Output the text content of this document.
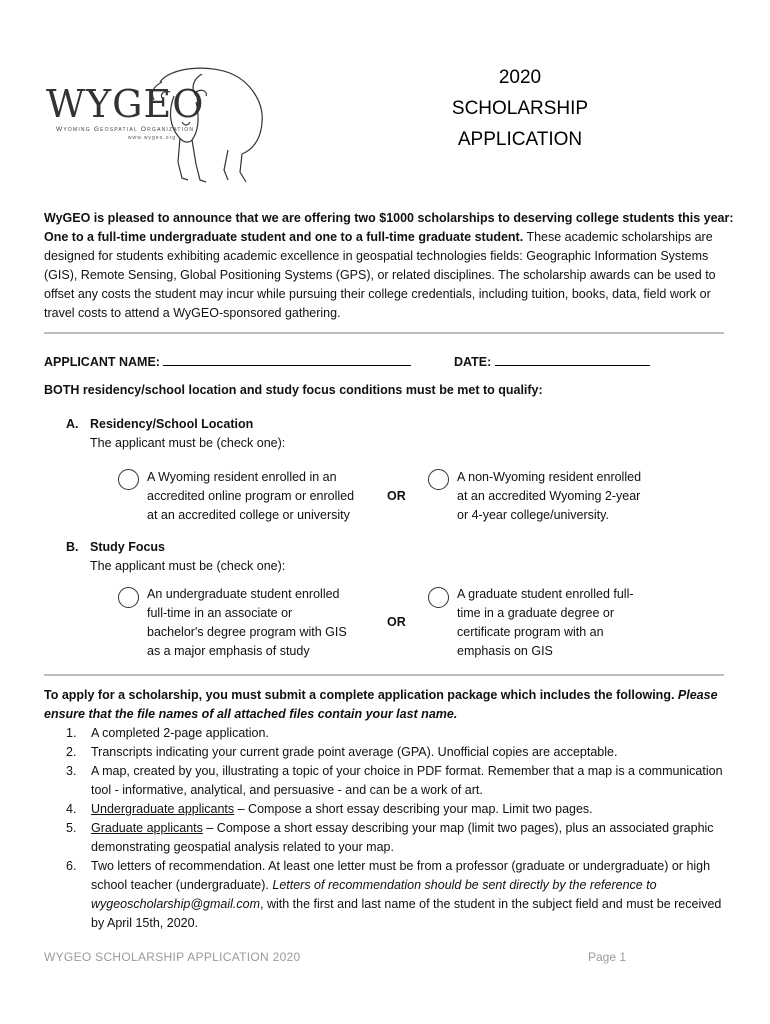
WYGEO
Wyoming Geospatial Organization
www.wygeo.org
2020
SCHOLARSHIP
APPLICATION
WyGEO is pleased to announce that we are offering two $1000 scholarships to deserving college students this year: One to a full-time undergraduate student and one to a full-time graduate student. These academic scholarships are designed for students exhibiting academic excellence in geospatial technologies fields: Geographic Information Systems (GIS), Remote Sensing, Global Positioning Systems (GPS), or related disciplines. The scholarship awards can be used to offset any costs the student may incur while pursuing their college credentials, including tuition, books, data, field work or travel costs to attend a WyGEO-sponsored gathering.
APPLICANT NAME:	DATE:
BOTH residency/school location and study focus conditions must be met to qualify:
A. Residency/School Location
The applicant must be (check one):
A Wyoming resident enrolled in an
accredited online program or enrolled
at an accredited college or university
OR
A non-Wyoming resident enrolled
at an accredited Wyoming 2-year
or 4-year college/university.
B. Study Focus
The applicant must be (check one):
An undergraduate student enrolled
full-time in an associate or
bachelor's degree program with GIS
as a major emphasis of study
OR
A graduate student enrolled full-
time in a graduate degree or
certificate program with an
emphasis on GIS
To apply for a scholarship, you must submit a complete application package which includes the following. Please ensure that the file names of all attached files contain your last name.
1. A completed 2-page application.
2. Transcripts indicating your current grade point average (GPA). Unofficial copies are acceptable.
3. A map, created by you, illustrating a topic of your choice in PDF format. Remember that a map is a communication tool - informative, analytical, and persuasive - and can be a work of art.
4. Undergraduate applicants – Compose a short essay describing your map. Limit two pages.
5. Graduate applicants – Compose a short essay describing your map (limit two pages), plus an associated graphic demonstrating geospatial analysis related to your map.
6. Two letters of recommendation. At least one letter must be from a professor (graduate or undergraduate) or high school teacher (undergraduate). Letters of recommendation should be sent directly by the reference to wygeoscholarship@gmail.com, with the first and last name of the student in the subject field and must be received by April 15th, 2020.
WYGEO SCHOLARSHIP APPLICATION 2020	Page 1
